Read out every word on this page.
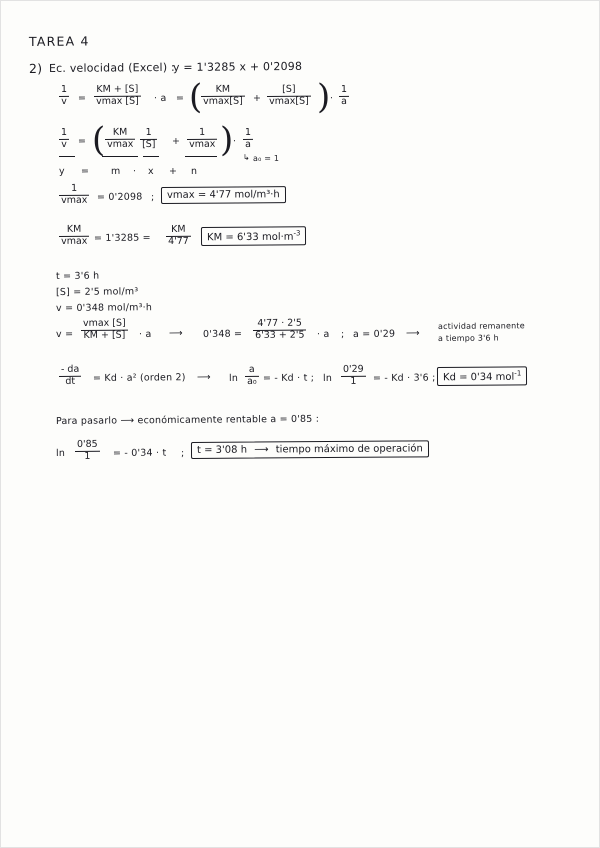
TAREA 4
2) Ec. velocidad (Excel) :
y = 1'3285 x + 0'2098
$\frac{1}{v}$ =
KM + [S]
vmax [S] · a = (	KM
vmax[S] +
[S]
vmax[S] ) · $\frac{1}{a}$
$\frac{1}{v}$ = ( KM
vmax $\frac{1}{[S]}$ +
1
vmax ) · $\frac{1}{a}$
↳ a₀ = 1
y = m · x + n
1
vmax = 0'2098 ;	vmax = 4'77 mol/m³·h
KM
$vmax = 1'3285 = \frac{KM}{4'77}$	KM = 6'33 $mol\cdot m^{-3}$
t = 3'6 h
[S] = 2'5 mol/m³
v = 0'348 mol/m³·h
v =
vmax [S]
KM + [S] · a ⟶ $0'348 = \frac{4'77 \cdot 2'5}{6'33 + 2'5} \cdot a$ ; a = 0'29 ⟶
actividad remanente
a tiempo 3'6 h
$\frac{- da}{dt} = Kd \cdot a^2$ (orden 2) ⟶ $\ln \frac{a}{\text{a₀}}$ = - Kd · t ; $\ln \frac{0'29}{1}$ = - Kd · 3'6 ; Kd = 0'34 mol$^{-1}$
Para pasarlo ⟶ económicamente rentable a = 0'85 :
$\ln \frac{0'85}{1}$ = - 0'34 · t ;	t = 3'08 h ⟶ tiempo máximo de operación
